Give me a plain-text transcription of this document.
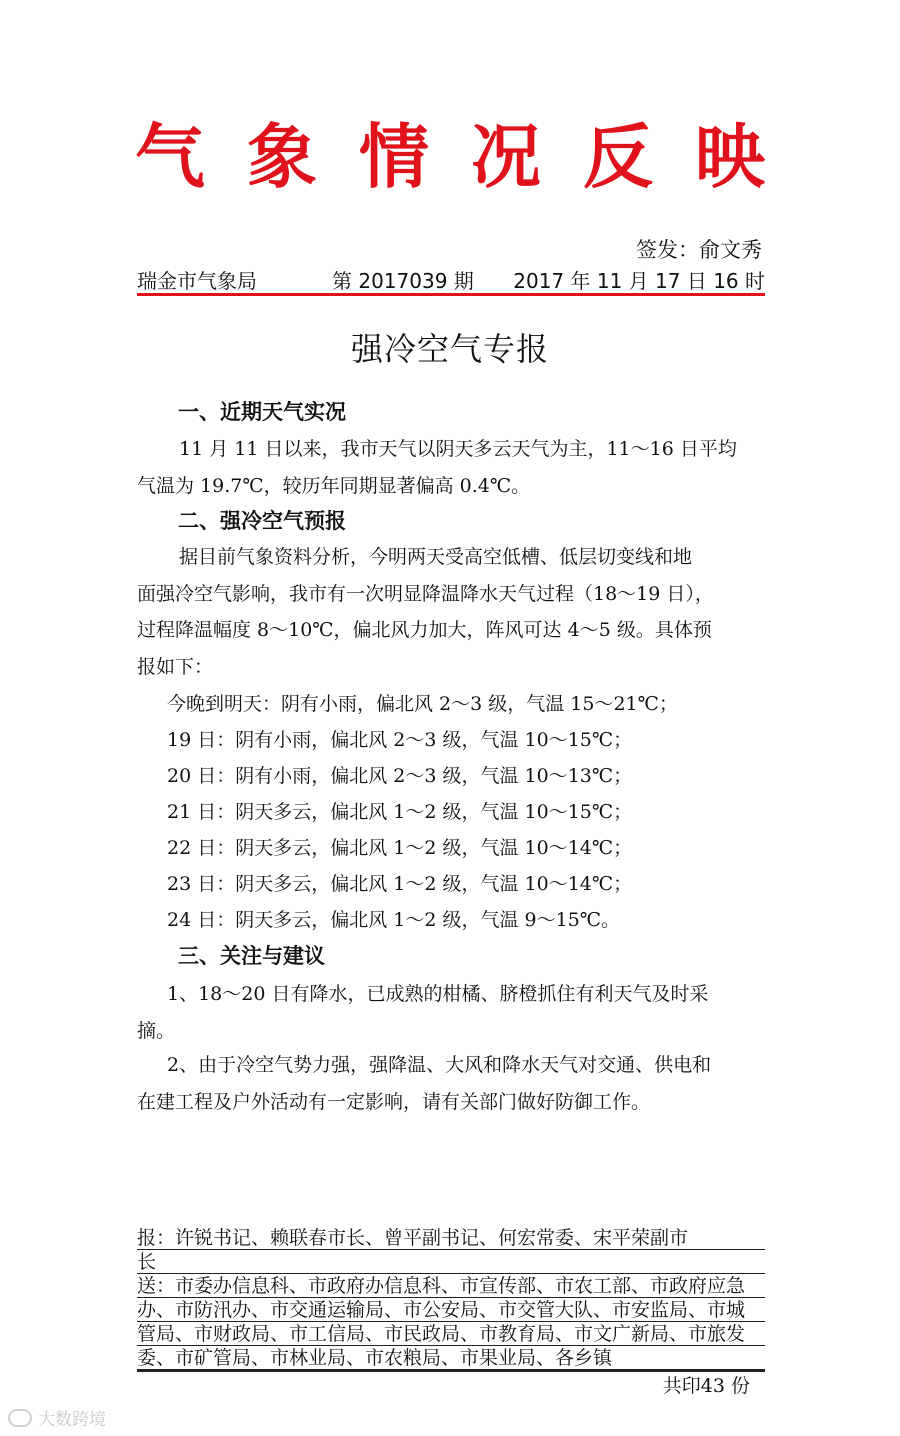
气 象 情 况 反 映
签发：俞文秀
瑞金市气象局	第 2017039 期 2017 年 11 月 17 日 16 时
强冷空气专报
一、近期天气实况
11 月 11 日以来，我市天气以阴天多云天气为主，11～16 日平均
气温为 19.7℃，较历年同期显著偏高 0.4℃。
二、强冷空气预报
据目前气象资料分析，今明两天受高空低槽、低层切变线和地
面强冷空气影响，我市有一次明显降温降水天气过程（18～19 日），
过程降温幅度 8～10℃，偏北风力加大，阵风可达 4～5 级。具体预
报如下：
今晚到明天：阴有小雨，偏北风 2～3 级，气温 15～21℃；
19 日：阴有小雨，偏北风 2～3 级，气温 10～15℃；
20 日：阴有小雨，偏北风 2～3 级，气温 10～13℃；
21 日：阴天多云，偏北风 1～2 级，气温 10～15℃；
22 日：阴天多云，偏北风 1～2 级，气温 10～14℃；
23 日：阴天多云，偏北风 1～2 级，气温 10～14℃；
24 日：阴天多云，偏北风 1～2 级，气温 9～15℃。
三、关注与建议
1、18～20 日有降水，已成熟的柑橘、脐橙抓住有利天气及时采
摘。
2、由于冷空气势力强，强降温、大风和降水天气对交通、供电和
在建工程及户外活动有一定影响，请有关部门做好防御工作。
报：许锐书记、赖联春市长、曾平副书记、何宏常委、宋平荣副市
长
送：市委办信息科、市政府办信息科、市宣传部、市农工部、市政府应急
办、市防汛办、市交通运输局、市公安局、市交管大队、市安监局、市城
管局、市财政局、市工信局、市民政局、市教育局、市文广新局、市旅发
委、市矿管局、市林业局、市农粮局、市果业局、各乡镇
共印43 份
大数跨境
